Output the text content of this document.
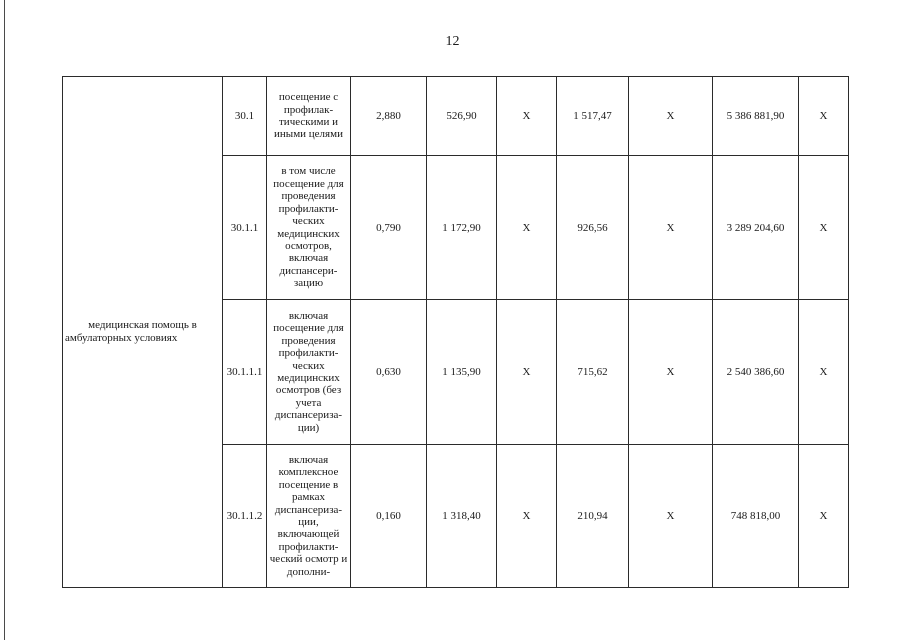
12
медицинская помощь в амбулаторных условиях	30.1	посещение с профилак-тическими и иными целями	2,880	526,90	Х	1 517,47	Х	5 386 881,90	Х
	30.1.1	в том числе посещение для проведения профилакти-ческих медицинских осмотров, включая диспансери-зацию	0,790	1 172,90	Х	926,56	Х	3 289 204,60	Х
	30.1.1.1	включая посещение для проведения профилакти-ческих медицинских осмотров (без учета диспансериза-ции)	0,630	1 135,90	Х	715,62	Х	2 540 386,60	Х
	30.1.1.2	включая комплексное посещение в рамках диспансериза-ции, включающей профилакти-ческий осмотр и дополни-	0,160	1 318,40	Х	210,94	Х	748 818,00	Х
